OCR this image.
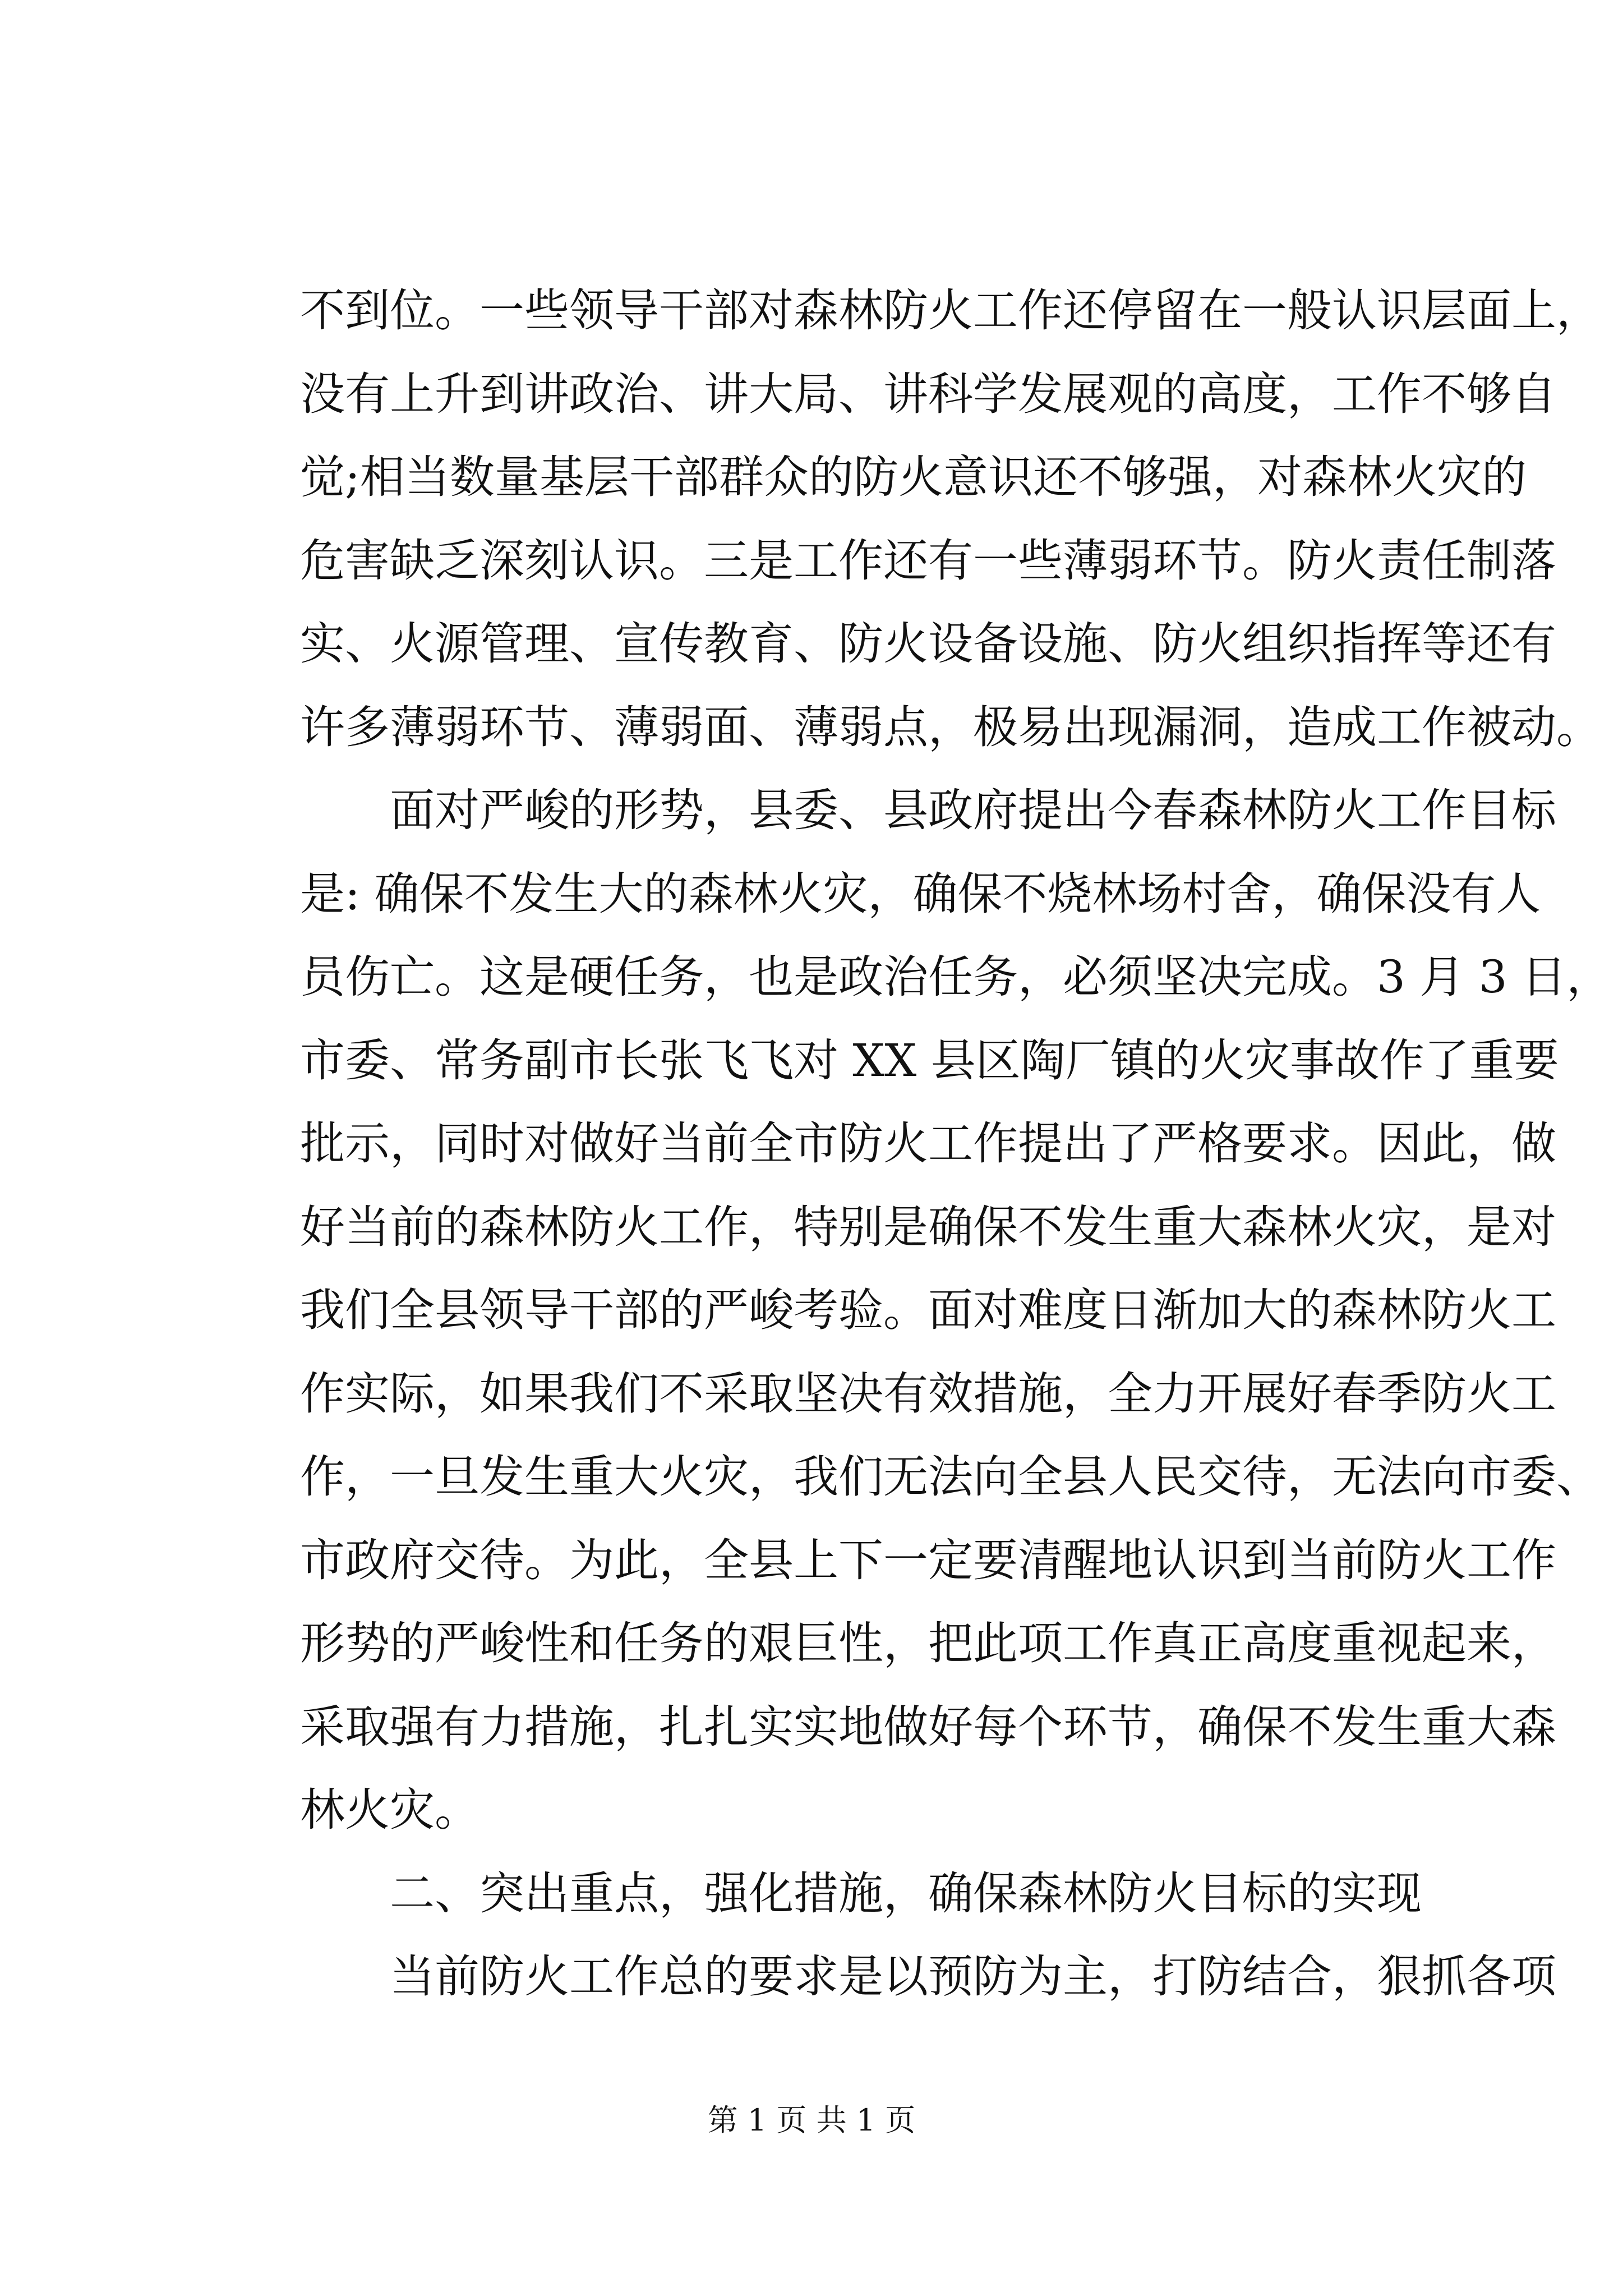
不到位。一些领导干部对森林防火工作还停留在一般认识层面上，
没有上升到讲政治、讲大局、讲科学发展观的高度，工作不够自
觉;相当数量基层干部群众的防火意识还不够强，对森林火灾的
危害缺乏深刻认识。三是工作还有一些薄弱环节。防火责任制落
实、火源管理、宣传教育、防火设备设施、防火组织指挥等还有
许多薄弱环节、薄弱面、薄弱点，极易出现漏洞，造成工作被动。
面对严峻的形势，县委、县政府提出今春森林防火工作目标
是: 确保不发生大的森林火灾，确保不烧林场村舍，确保没有人
员伤亡。这是硬任务，也是政治任务，必须坚决完成。3 月 3 日，
市委、常务副市长张飞飞对 XX 县区陶厂镇的火灾事故作了重要
批示，同时对做好当前全市防火工作提出了严格要求。因此，做
好当前的森林防火工作，特别是确保不发生重大森林火灾，是对
我们全县领导干部的严峻考验。面对难度日渐加大的森林防火工
作实际，如果我们不采取坚决有效措施，全力开展好春季防火工
作，一旦发生重大火灾，我们无法向全县人民交待，无法向市委、
市政府交待。为此，全县上下一定要清醒地认识到当前防火工作
形势的严峻性和任务的艰巨性，把此项工作真正高度重视起来，
采取强有力措施，扎扎实实地做好每个环节，确保不发生重大森
林火灾。
二、突出重点，强化措施，确保森林防火目标的实现
当前防火工作总的要求是以预防为主，打防结合，狠抓各项
第 1 页 共 1 页
